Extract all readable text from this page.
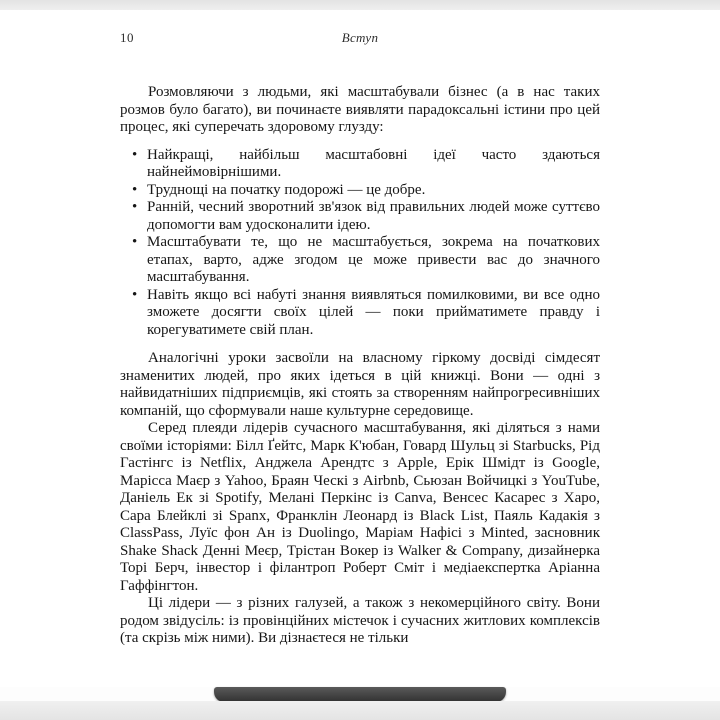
10	Вступ

Розмовляючи з людьми, які масштабували бізнес (а в нас таких розмов було багато), ви починаєте виявляти парадоксальні істини про цей процес, які суперечать здоровому глузду:

• Найкращі, найбільш масштабовні ідеї часто здаються найнеймовірнішими.
• Труднощі на початку подорожі — це добре.
• Ранній, чесний зворотний зв'язок від правильних людей може суттєво допомогти вам удосконалити ідею.
• Масштабувати те, що не масштабується, зокрема на початкових етапах, варто, адже згодом це може привести вас до значного масштабування.
• Навіть якщо всі набуті знання виявляться помилковими, ви все одно зможете досягти своїх цілей — поки прийматимете правду і корегуватимете свій план.

Аналогічні уроки засвоїли на власному гіркому досвіді сімдесят знаменитих людей, про яких ідеться в цій книжці. Вони — одні з найвидатніших підприємців, які стоять за створенням найпрогресивніших компаній, що сформували наше культурне середовище.

Серед плеяди лідерів сучасного масштабування, які діляться з нами своїми історіями: Білл Ґейтс, Марк К'юбан, Говард Шульц зі Starbucks, Рід Гастінгс із Netflix, Анджела Арендтс з Apple, Ерік Шмідт із Google, Марісса Маєр з Yahoo, Браян Ческі з Airbnb, Сьюзан Войчицкі з YouTube, Даніель Ек зі Spotify, Мелані Перкінс із Canva, Венсес Касарес з Xapo, Сара Блейклі зі Spanx, Франклін Леонард із Black List, Паяль Кадакія з ClassPass, Луїс фон Ан із Duolingo, Маріам Нафісі з Minted, засновник Shake Shack Денні Меєр, Трістан Вокер із Walker & Company, дизайнерка Торі Берч, інвестор і філантроп Роберт Сміт і медіаекспертка Аріанна Гаффінгтон.

Ці лідери — з різних галузей, а також з некомерційного світу. Вони родом звідусіль: із провінційних містечок і сучасних житлових комплексів (та скрізь між ними). Ви дізнаєтеся не тільки
